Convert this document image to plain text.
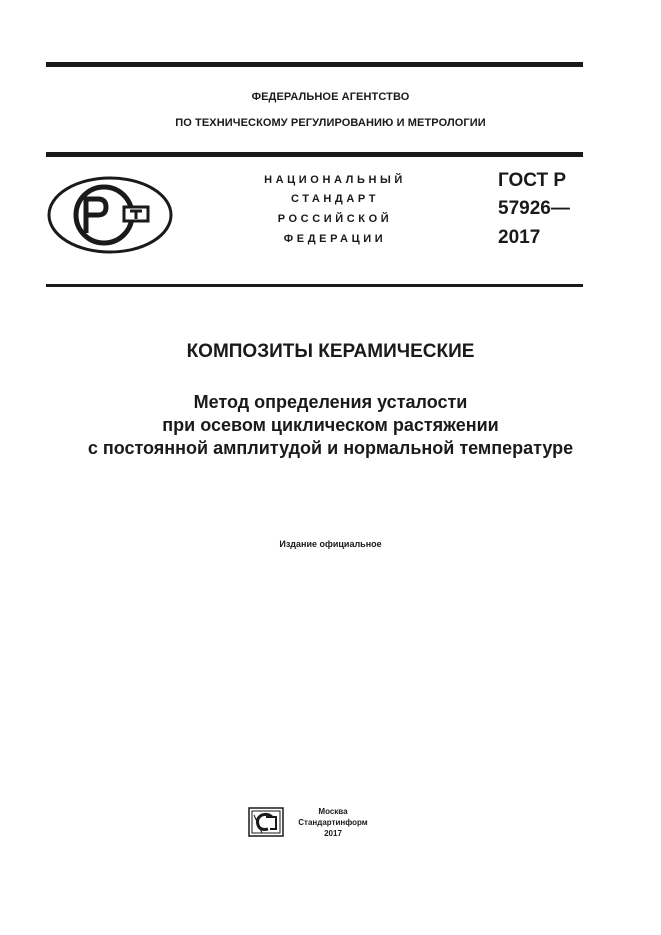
ФЕДЕРАЛЬНОЕ АГЕНТСТВО
ПО ТЕХНИЧЕСКОМУ РЕГУЛИРОВАНИЮ И МЕТРОЛОГИИ
НАЦИОНАЛЬНЫЙ
СТАНДАРТ
РОССИЙСКОЙ
ФЕДЕРАЦИИ
ГОСТ Р
57926—
2017
КОМПОЗИТЫ КЕРАМИЧЕСКИЕ
Метод определения усталости
при осевом циклическом растяжении
с постоянной амплитудой и нормальной температуре
Издание официальное
Москва
Стандартинформ
2017
